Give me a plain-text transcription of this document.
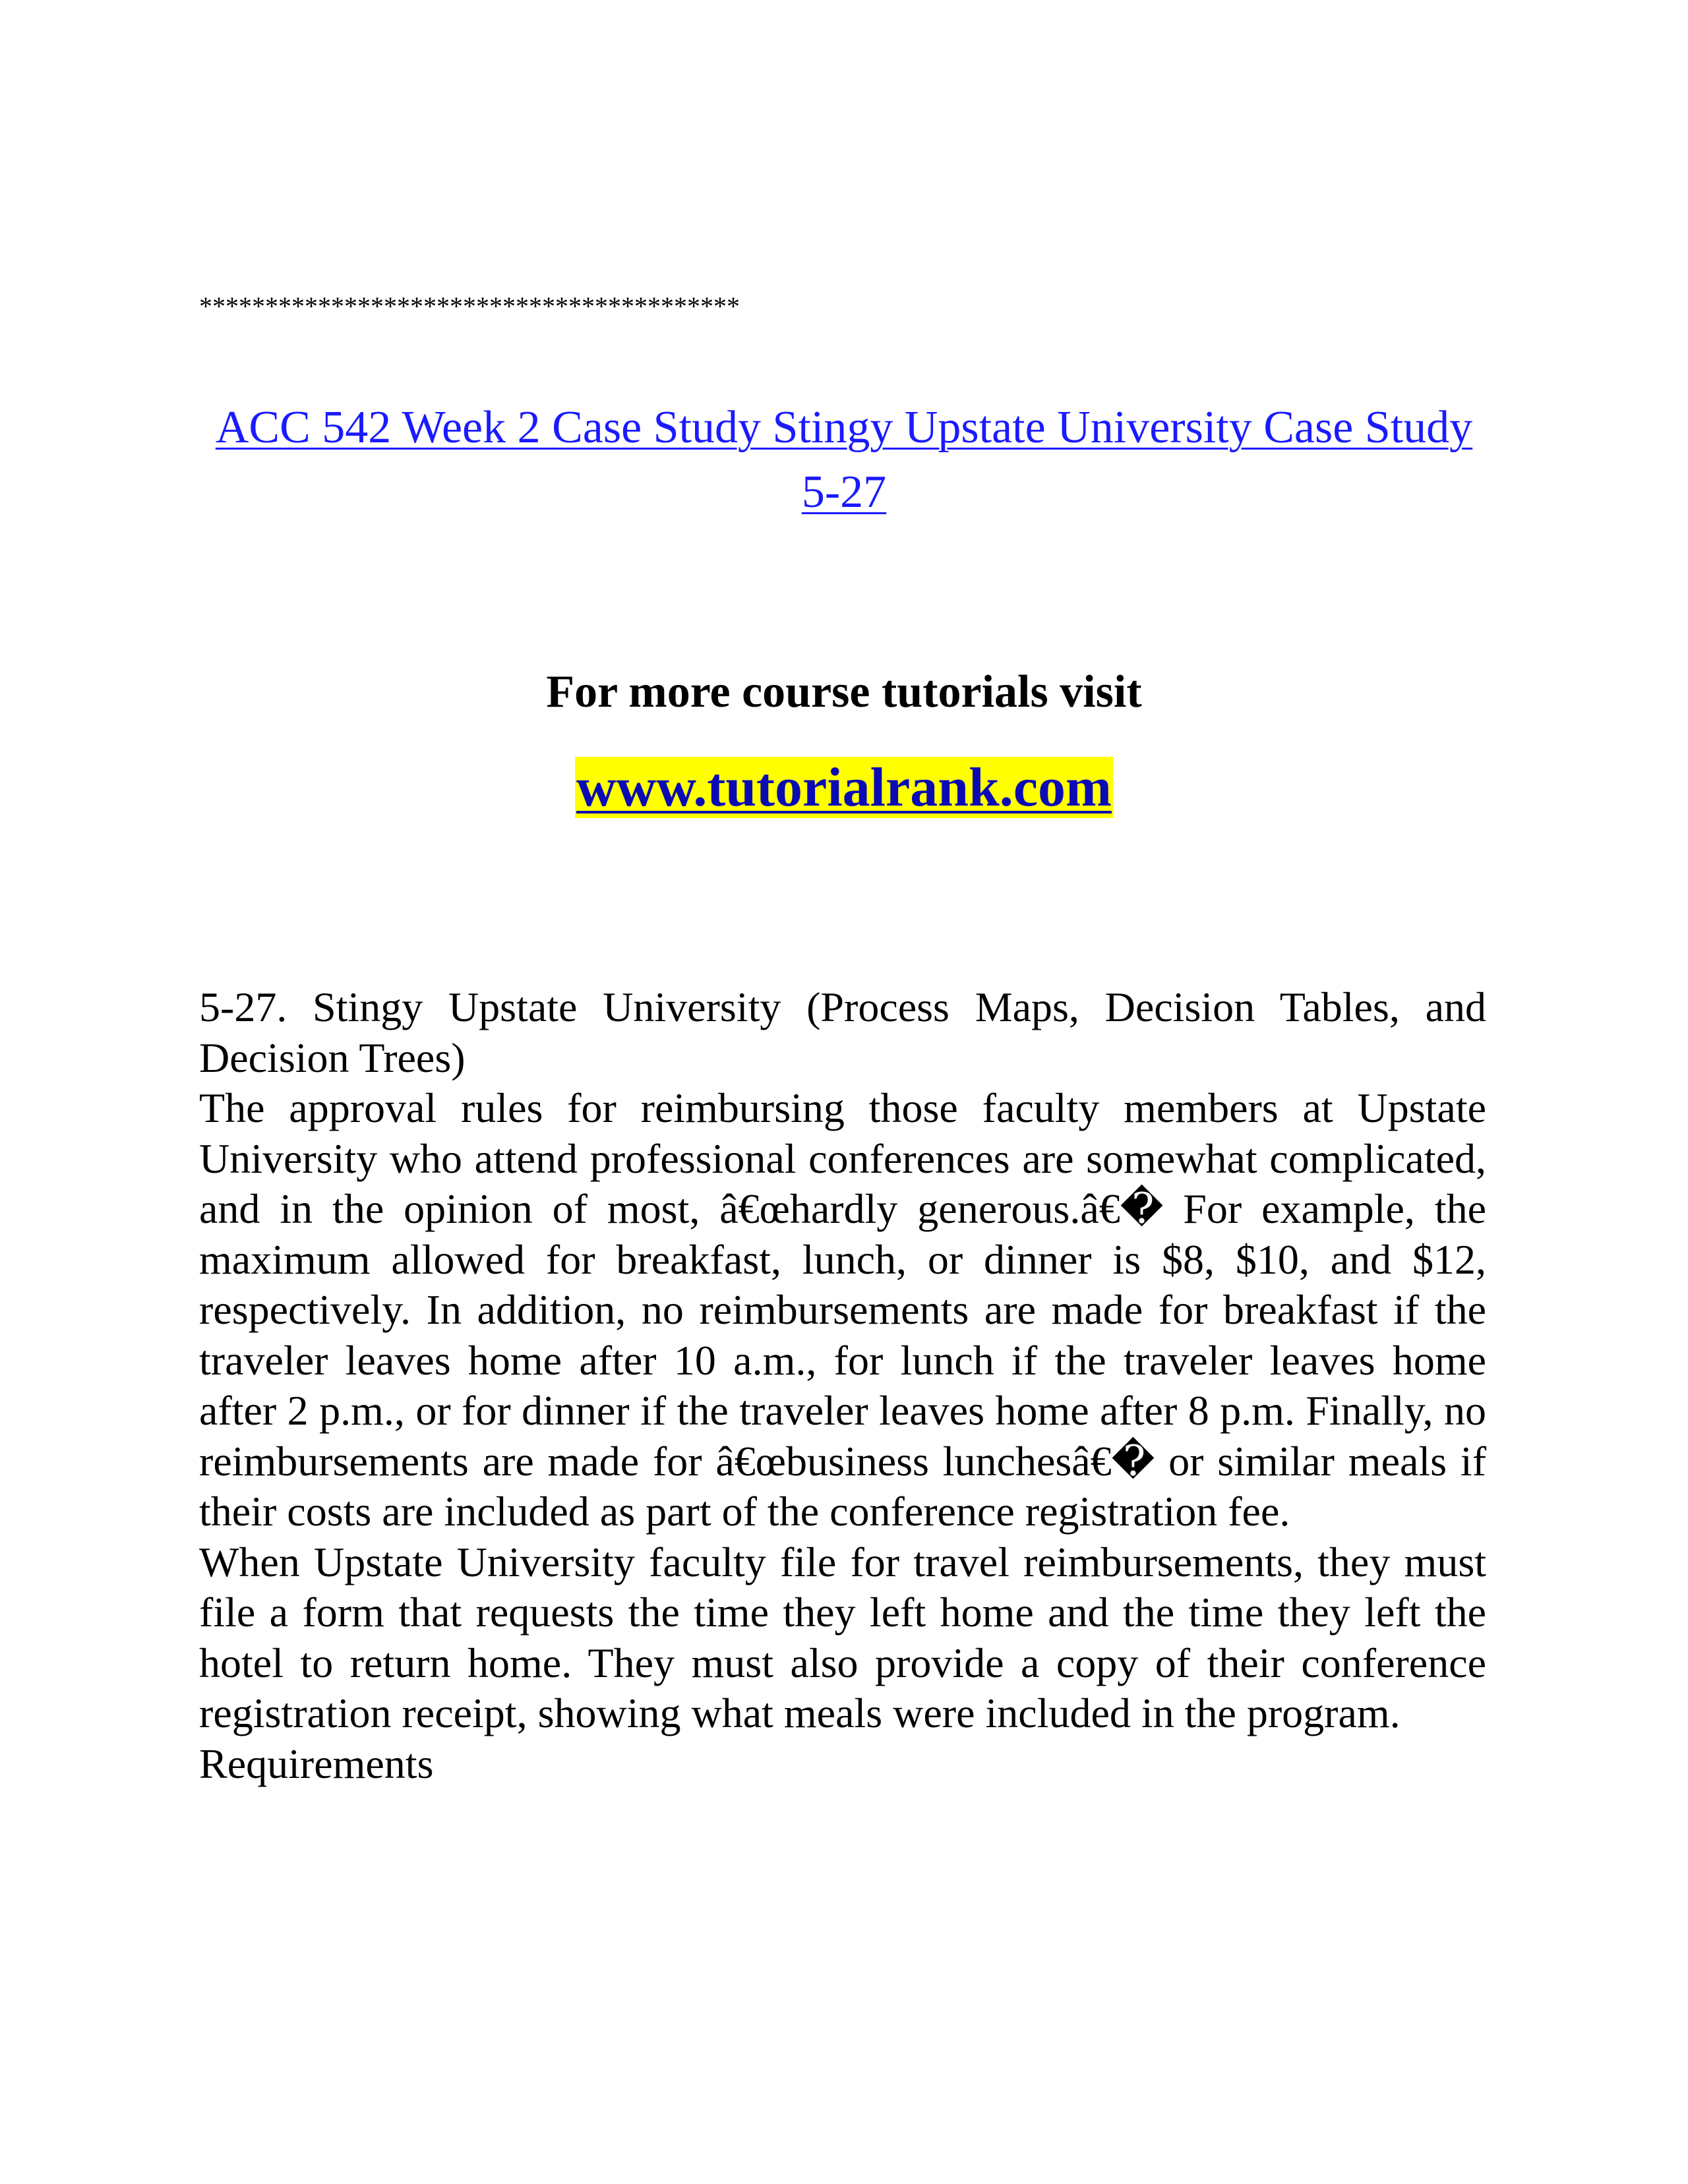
*****************************************
ACC 542 Week 2 Case Study Stingy Upstate University Case Study 5-27
For more course tutorials visit
www.tutorialrank.com

5-27. Stingy Upstate University (Process Maps, Decision Tables, and Decision Trees)

The approval rules for reimbursing those faculty members at Upstate University who attend professional conferences are somewhat complicated, and in the opinion of most, â€œhardly generous.â€� For example, the maximum allowed for breakfast, lunch, or dinner is $8, $10, and $12, respectively. In addition, no reimbursements are made for breakfast if the traveler leaves home after 10 a.m., for lunch if the traveler leaves home after 2 p.m., or for dinner if the traveler leaves home after 8 p.m. Finally, no reimbursements are made for â€œbusiness lunchesâ€� or similar meals if their costs are included as part of the conference registration fee.

When Upstate University faculty file for travel reimbursements, they must file a form that requests the time they left home and the time they left the hotel to return home. They must also provide a copy of their conference registration receipt, showing what meals were included in the program.

Requirements
